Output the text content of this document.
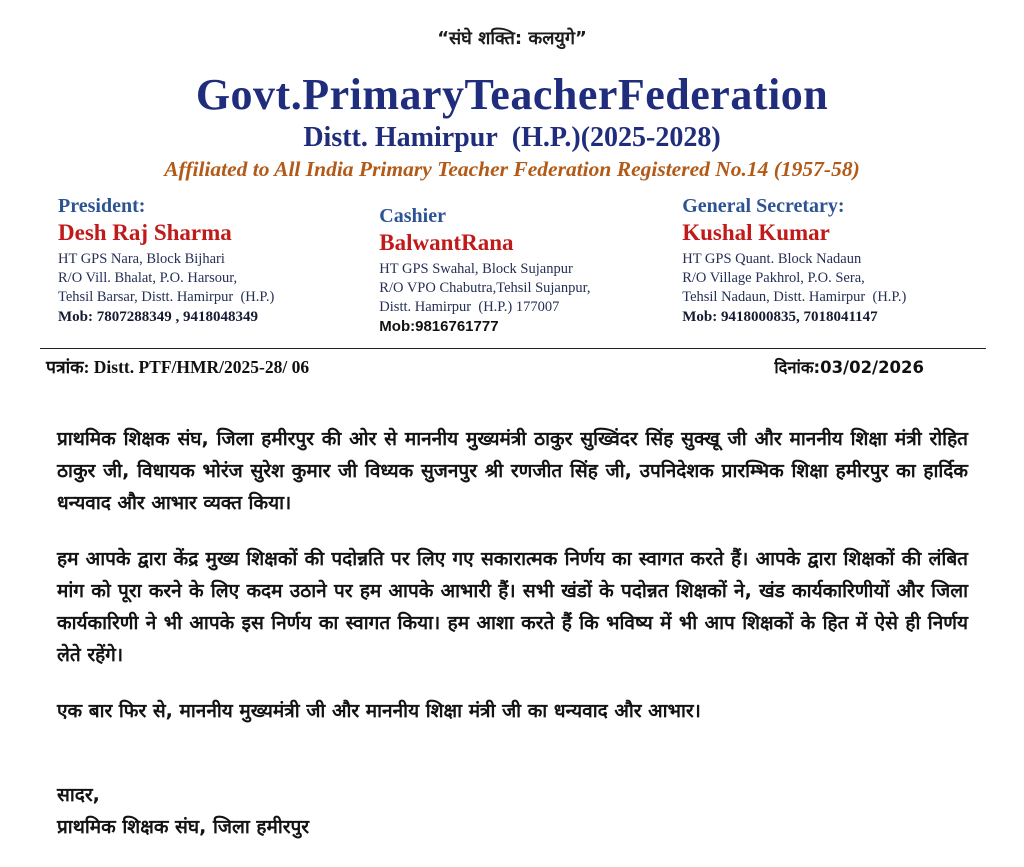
“संघे शक्ति: कलयुगे”
Govt.PrimaryTeacherFederation
Distt. Hamirpur  (H.P.)(2025-2028)
Affiliated to All India Primary Teacher Federation Registered No.14 (1957-58)
President:
Desh Raj Sharma
HT GPS Nara, Block Bijhari
R/O Vill. Bhalat, P.O. Harsour,
Tehsil Barsar, Distt. Hamirpur  (H.P.)
Mob: 7807288349 , 9418048349
Cashier
BalwantRana
HT GPS Swahal, Block Sujanpur
R/O VPO Chabutra,Tehsil Sujanpur,
Distt. Hamirpur  (H.P.) 177007
Mob:9816761777
General Secretary:
Kushal Kumar
HT GPS Quant. Block Nadaun
R/O Village Pakhrol, P.O. Sera,
Tehsil Nadaun, Distt. Hamirpur  (H.P.)
Mob: 9418000835, 7018041147
पत्रांक: Distt. PTF/HMR/2025-28/ 06	दिनांक:03/02/2026

प्राथमिक शिक्षक संघ, जिला हमीरपुर की ओर से माननीय मुख्यमंत्री ठाकुर सुख्विंदर सिंह सुक्खू जी और माननीय शिक्षा मंत्री रोहित ठाकुर जी, विधायक भोरंज सुरेश कुमार जी विध्यक सुजनपुर श्री रणजीत सिंह जी, उपनिदेशक प्रारम्भिक शिक्षा हमीरपुर का हार्दिक धन्यवाद और आभार व्यक्त किया।

हम आपके द्वारा केंद्र मुख्य शिक्षकों की पदोन्नति पर लिए गए सकारात्मक निर्णय का स्वागत करते हैं। आपके द्वारा शिक्षकों की लंबित मांग को पूरा करने के लिए कदम उठाने पर हम आपके आभारी हैं। सभी खंडों के पदोन्नत शिक्षकों ने, खंड कार्यकारिणीयों और जिला कार्यकारिणी ने भी आपके इस निर्णय का स्वागत किया। हम आशा करते हैं कि भविष्य में भी आप शिक्षकों के हित में ऐसे ही निर्णय लेते रहेंगे।

एक बार फिर से, माननीय मुख्यमंत्री जी और माननीय शिक्षा मंत्री जी का धन्यवाद और आभार।

सादर,
प्राथमिक शिक्षक संघ, जिला हमीरपुर
